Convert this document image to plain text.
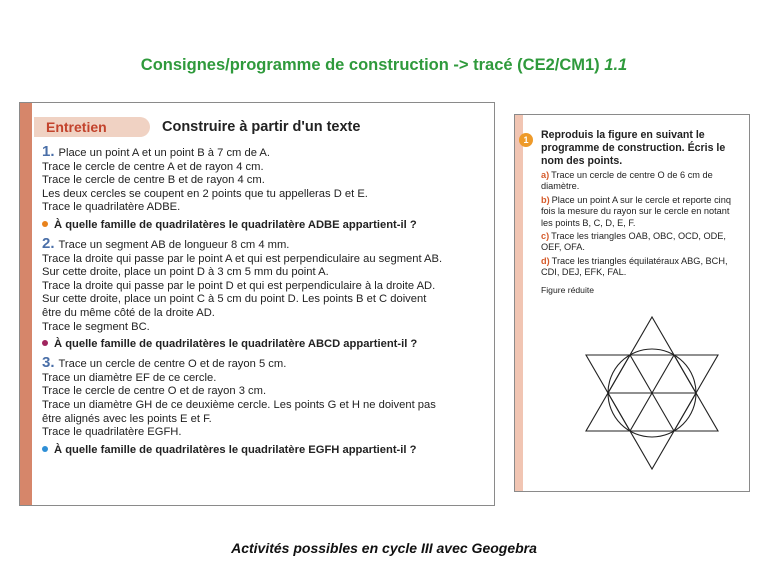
Consignes/programme de construction -> tracé (CE2/CM1) 1.1
Entretien	Construire à partir d'un texte
1. Place un point A et un point B à 7 cm de A.
Trace le cercle de centre A et de rayon 4 cm.
Trace le cercle de centre B et de rayon 4 cm.
Les deux cercles se coupent en 2 points que tu appelleras D et E.
Trace le quadrilatère ADBE.
À quelle famille de quadrilatères le quadrilatère ADBE appartient-il ?
2. Trace un segment AB de longueur 8 cm 4 mm.
Trace la droite qui passe par le point A et qui est perpendiculaire au segment AB.
Sur cette droite, place un point D à 3 cm 5 mm du point A.
Trace la droite qui passe par le point D et qui est perpendiculaire à la droite AD.
Sur cette droite, place un point C à 5 cm du point D. Les points B et C doivent
être du même côté de la droite AD.
Trace le segment BC.
À quelle famille de quadrilatères le quadrilatère ABCD appartient-il ?
3. Trace un cercle de centre O et de rayon 5 cm.
Trace un diamètre EF de ce cercle.
Trace le cercle de centre O et de rayon 3 cm.
Trace un diamètre GH de ce deuxième cercle. Les points G et H ne doivent pas
être alignés avec les points E et F.
Trace le quadrilatère EGFH.
À quelle famille de quadrilatères le quadrilatère EGFH appartient-il ?
1	Reproduis la figure en suivant le programme de construction. Écris le nom des points.
a) Trace un cercle de centre O de 6 cm de diamètre.
b) Place un point A sur le cercle et reporte cinq fois la mesure du rayon sur le cercle en notant les points B, C, D, E, F.
c) Trace les triangles OAB, OBC, OCD, ODE, OEF, OFA.
d) Trace les triangles équilatéraux ABG, BCH, CDI, DEJ, EFK, FAL.
Figure réduite
Activités possibles en cycle III avec Geogebra
